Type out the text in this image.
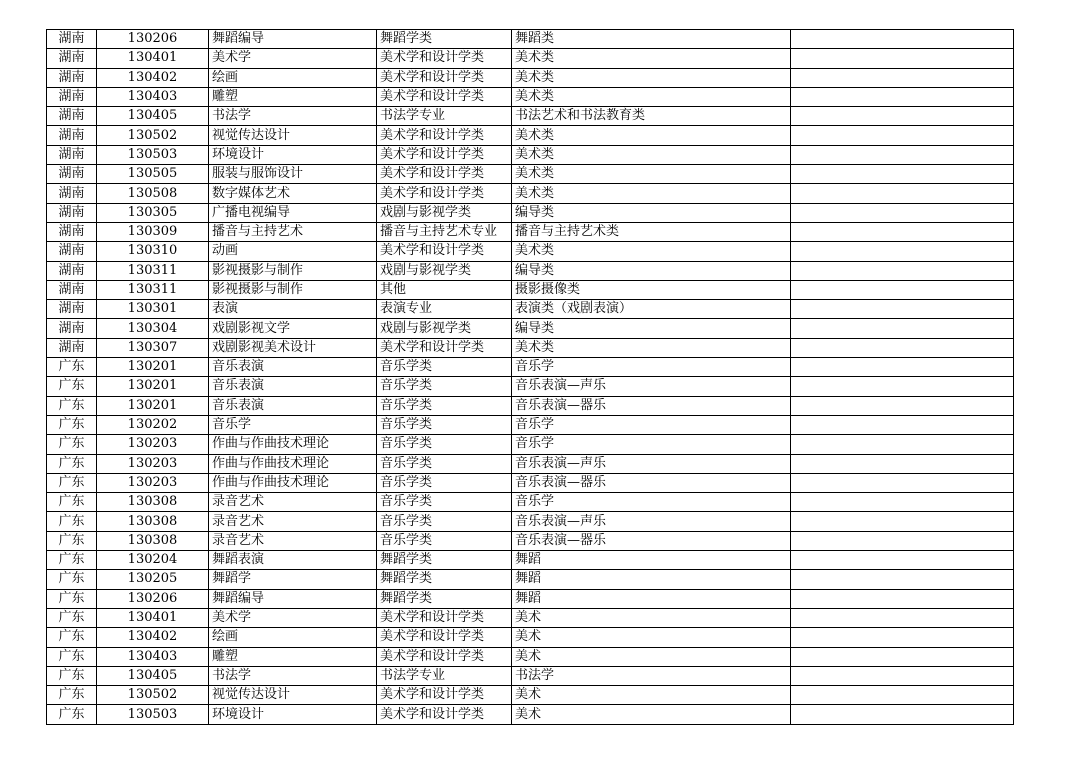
湖南	130206	舞蹈编导	舞蹈学类	舞蹈类	
湖南	130401	美术学	美术学和设计学类	美术类	
湖南	130402	绘画	美术学和设计学类	美术类	
湖南	130403	雕塑	美术学和设计学类	美术类	
湖南	130405	书法学	书法学专业	书法艺术和书法教育类	
湖南	130502	视觉传达设计	美术学和设计学类	美术类	
湖南	130503	环境设计	美术学和设计学类	美术类	
湖南	130505	服装与服饰设计	美术学和设计学类	美术类	
湖南	130508	数字媒体艺术	美术学和设计学类	美术类	
湖南	130305	广播电视编导	戏剧与影视学类	编导类	
湖南	130309	播音与主持艺术	播音与主持艺术专业	播音与主持艺术类	
湖南	130310	动画	美术学和设计学类	美术类	
湖南	130311	影视摄影与制作	戏剧与影视学类	编导类	
湖南	130311	影视摄影与制作	其他	摄影摄像类	
湖南	130301	表演	表演专业	表演类（戏剧表演）	
湖南	130304	戏剧影视文学	戏剧与影视学类	编导类	
湖南	130307	戏剧影视美术设计	美术学和设计学类	美术类	
广东	130201	音乐表演	音乐学类	音乐学	
广东	130201	音乐表演	音乐学类	音乐表演—声乐	
广东	130201	音乐表演	音乐学类	音乐表演—器乐	
广东	130202	音乐学	音乐学类	音乐学	
广东	130203	作曲与作曲技术理论	音乐学类	音乐学	
广东	130203	作曲与作曲技术理论	音乐学类	音乐表演—声乐	
广东	130203	作曲与作曲技术理论	音乐学类	音乐表演—器乐	
广东	130308	录音艺术	音乐学类	音乐学	
广东	130308	录音艺术	音乐学类	音乐表演—声乐	
广东	130308	录音艺术	音乐学类	音乐表演—器乐	
广东	130204	舞蹈表演	舞蹈学类	舞蹈	
广东	130205	舞蹈学	舞蹈学类	舞蹈	
广东	130206	舞蹈编导	舞蹈学类	舞蹈	
广东	130401	美术学	美术学和设计学类	美术	
广东	130402	绘画	美术学和设计学类	美术	
广东	130403	雕塑	美术学和设计学类	美术	
广东	130405	书法学	书法学专业	书法学	
广东	130502	视觉传达设计	美术学和设计学类	美术	
广东	130503	环境设计	美术学和设计学类	美术	
